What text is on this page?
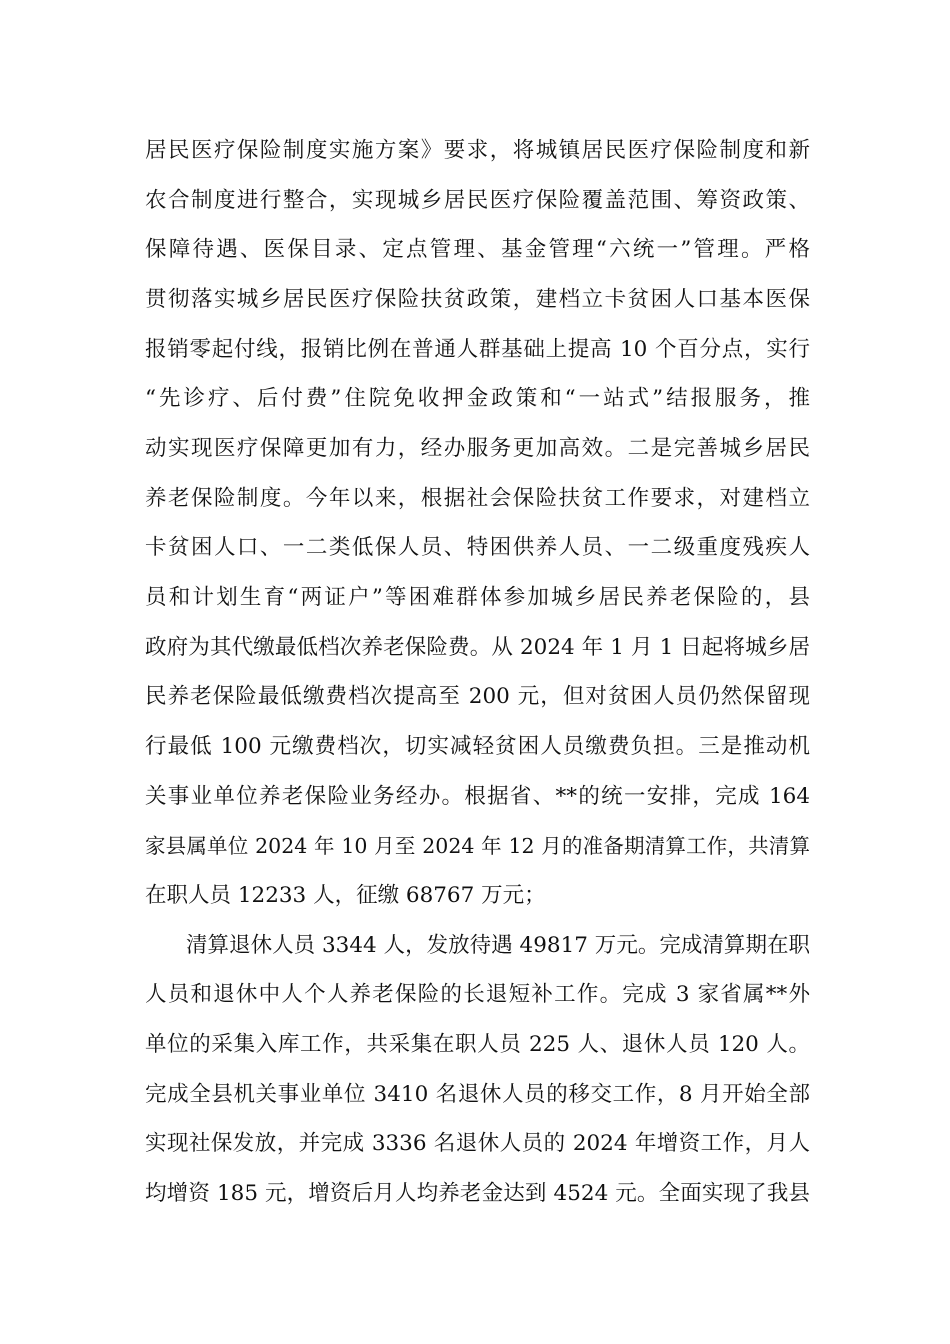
居民医疗保险制度实施方案》要求，将城镇居民医疗保险制度和新
农合制度进行整合，实现城乡居民医疗保险覆盖范围、筹资政策、
保障待遇、医保目录、定点管理、基金管理“六统一”管理。严格
贯彻落实城乡居民医疗保险扶贫政策，建档立卡贫困人口基本医保
报销零起付线，报销比例在普通人群基础上提高 10 个百分点，实行
“先诊疗、后付费”住院免收押金政策和“一站式”结报服务，推
动实现医疗保障更加有力，经办服务更加高效。二是完善城乡居民
养老保险制度。今年以来，根据社会保险扶贫工作要求，对建档立
卡贫困人口、一二类低保人员、特困供养人员、一二级重度残疾人
员和计划生育“两证户”等困难群体参加城乡居民养老保险的，县
政府为其代缴最低档次养老保险费。从 2024 年 1 月 1 日起将城乡居
民养老保险最低缴费档次提高至 200 元，但对贫困人员仍然保留现
行最低 100 元缴费档次，切实减轻贫困人员缴费负担。三是推动机
关事业单位养老保险业务经办。根据省、**的统一安排，完成 164
家县属单位 2024 年 10 月至 2024 年 12 月的准备期清算工作，共清算
在职人员 12233 人，征缴 68767 万元；
清算退休人员 3344 人，发放待遇 49817 万元。完成清算期在职
人员和退休中人个人养老保险的长退短补工作。完成 3 家省属**外
单位的采集入库工作，共采集在职人员 225 人、退休人员 120 人。
完成全县机关事业单位 3410 名退休人员的移交工作，8 月开始全部
实现社保发放，并完成 3336 名退休人员的 2024 年增资工作，月人
均增资 185 元，增资后月人均养老金达到 4524 元。全面实现了我县
